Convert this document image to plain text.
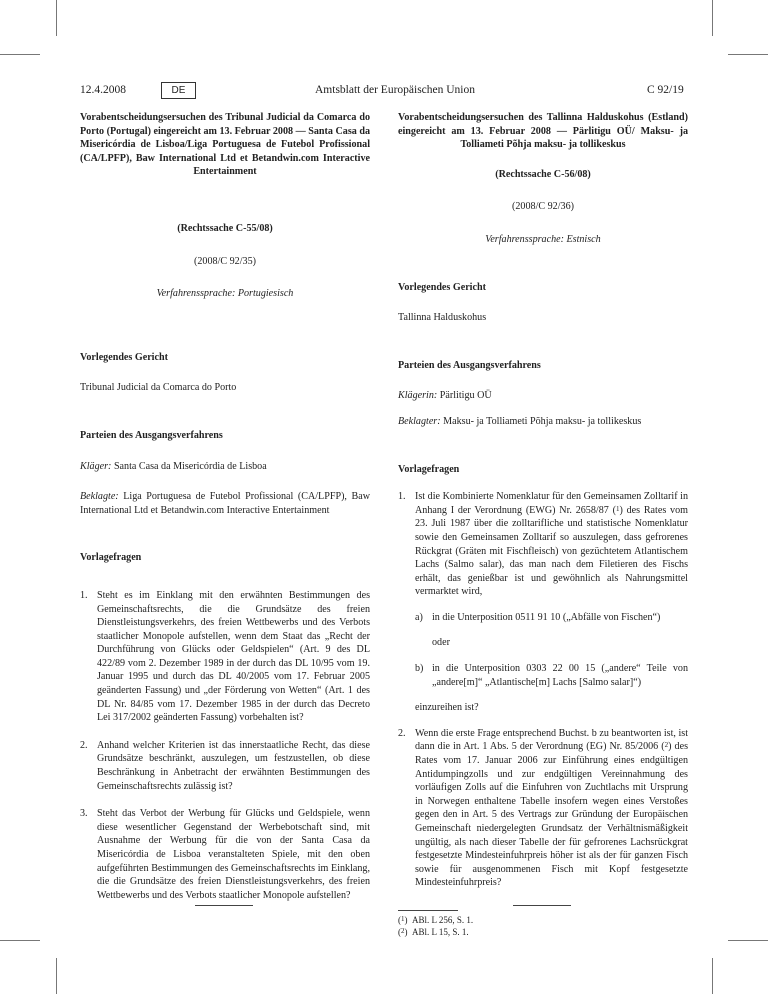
12.4.2008	DE	Amtsblatt der Europäischen Union	C 92/19

Vorabentscheidungsersuchen des Tribunal Judicial da Comarca do Porto (Portugal) eingereicht am 13. Februar 2008 — Santa Casa da Misericórdia de Lisboa/Liga Portuguesa de Futebol Profissional (CA/LPFP), Baw International Ltd et Betandwin.com Interactive Entertainment

(Rechtssache C-55/08)

(2008/C 92/35)

Verfahrenssprache: Portugiesisch

Vorlegendes Gericht

Tribunal Judicial da Comarca do Porto

Parteien des Ausgangsverfahrens

Kläger: Santa Casa da Misericórdia de Lisboa

Beklagte: Liga Portuguesa de Futebol Profissional (CA/LPFP), Baw International Ltd et Betandwin.com Interactive Entertainment

Vorlagefragen

1. Steht es im Einklang mit den erwähnten Bestimmungen des Gemeinschaftsrechts, die die Grundsätze des freien Dienstleistungsverkehrs, des freien Wettbewerbs und des Verbots staatlicher Monopole aufstellen, wenn dem Staat das „Recht der Durchführung von Glücks oder Geldspielen“ (Art. 9 des DL 422/89 vom 2. Dezember 1989 in der durch das DL 10/95 vom 19. Januar 1995 und durch das DL 40/2005 vom 17. Februar 2005 geänderten Fassung) und „der Förderung von Wetten“ (Art. 1 des DL Nr. 84/85 vom 17. Dezember 1985 in der durch das Decreto Lei 317/2002 geänderten Fassung) vorbehalten ist?
2. Anhand welcher Kriterien ist das innerstaatliche Recht, das diese Grundsätze beschränkt, auszulegen, um festzustellen, ob diese Beschränkung in Anbetracht der erwähnten Bestimmungen des Gemeinschaftsrechts zulässig ist?
3. Steht das Verbot der Werbung für Glücks und Geldspiele, wenn diese wesentlicher Gegenstand der Werbebotschaft sind, mit Ausnahme der Werbung für die von der Santa Casa da Misericórdia de Lisboa veranstalteten Spiele, mit den oben aufgeführten Bestimmungen des Gemeinschaftsrechts im Einklang, die die Grundsätze des freien Dienstleistungsverkehrs, des freien Wettbewerbs und des Verbots staatlicher Monopole aufstellen?

Vorabentscheidungsersuchen des Tallinna Halduskohus (Estland) eingereicht am 13. Februar 2008 — Pärlitigu OÜ/ Maksu- ja Tolliameti Põhja maksu- ja tollikeskus

(Rechtssache C-56/08)

(2008/C 92/36)

Verfahrenssprache: Estnisch

Vorlegendes Gericht

Tallinna Halduskohus

Parteien des Ausgangsverfahrens

Klägerin: Pärlitigu OÜ

Beklagter: Maksu- ja Tolliameti Põhja maksu- ja tollikeskus

Vorlagefragen

1. Ist die Kombinierte Nomenklatur für den Gemeinsamen Zolltarif in Anhang I der Verordnung (EWG) Nr. 2658/87 ($^1$) des Rates vom 23. Juli 1987 über die zolltarifliche und statistische Nomenklatur sowie den Gemeinsamen Zolltarif so auszulegen, dass gefrorenes Rückgrat (Gräten mit Fischfleisch) von gezüchtetem Atlantischem Lachs (Salmo salar), das man nach dem Filetieren des Fischs erhält, das genießbar ist und gewöhnlich als Nahrungsmittel vermarktet wird,
a) in die Unterposition 0511 91 10 („Abfälle von Fischen“)
oder
b) in die Unterposition 0303 22 00 15 („andere“ Teile von „andere[m]“ „Atlantische[m] Lachs [Salmo salar]“)
einzureihen ist?
2. Wenn die erste Frage entsprechend Buchst. b zu beantworten ist, ist dann die in Art. 1 Abs. 5 der Verordnung (EG) Nr. 85/2006 ($^2$) des Rates vom 17. Januar 2006 zur Einführung eines endgültigen Antidumpingzolls und zur endgültigen Vereinnahmung des vorläufigen Zolls auf die Einfuhren von Zuchtlachs mit Ursprung in Norwegen enthaltene Tabelle insofern wegen eines Verstoßes gegen den in Art. 5 des Vertrags zur Gründung der Europäischen Gemeinschaft niedergelegten Grundsatz der Verhältnismäßigkeit ungültig, als nach dieser Tabelle der für gefrorenes Lachsrückgrat festgesetzte Mindesteinfuhrpreis höher ist als der für ganzen Fisch sowie für ausgenommenen Fisch mit Kopf festgesetzte Mindesteinfuhrpreis?
($^1$)  ABl. L 256, S. 1.
($^2$)  ABl. L 15, S. 1.
